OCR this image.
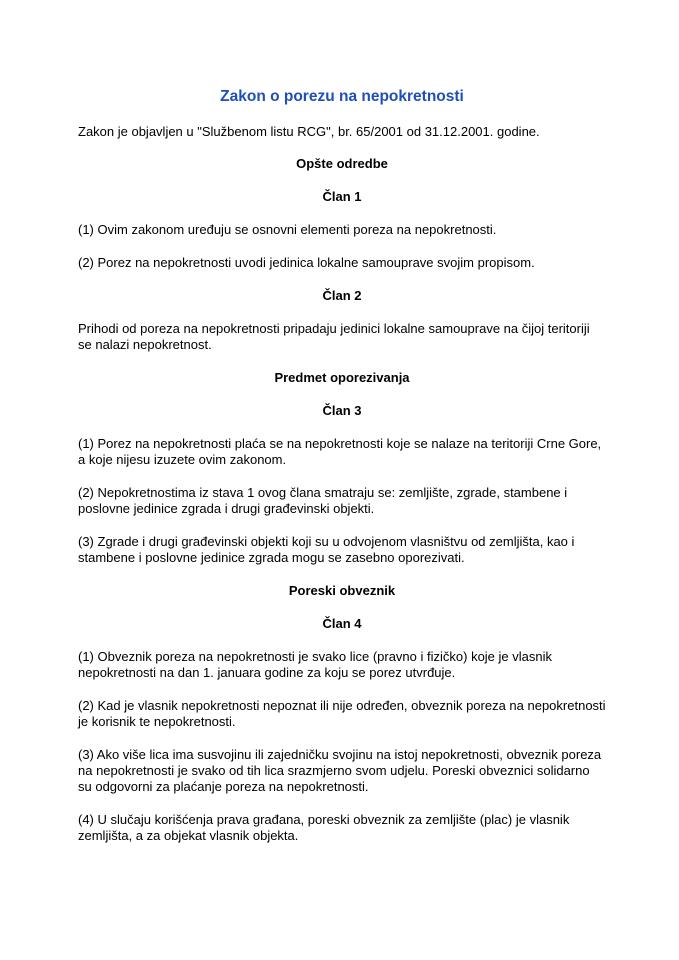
Zakon o porezu na nepokretnosti

Zakon je objavljen u "Službenom listu RCG", br. 65/2001 od 31.12.2001. godine.

Opšte odredbe
Član 1

(1) Ovim zakonom uređuju se osnovni elementi poreza na nepokretnosti.

(2) Porez na nepokretnosti uvodi jedinica lokalne samouprave svojim propisom.

Član 2

Prihodi od poreza na nepokretnosti pripadaju jedinici lokalne samouprave na čijoj teritoriji se nalazi nepokretnost.

Predmet oporezivanja
Član 3

(1) Porez na nepokretnosti plaća se na nepokretnosti koje se nalaze na teritoriji Crne Gore, a koje nijesu izuzete ovim zakonom.

(2) Nepokretnostima iz stava 1 ovog člana smatraju se: zemljište, zgrade, stambene i poslovne jedinice zgrada i drugi građevinski objekti.

(3) Zgrade i drugi građevinski objekti koji su u odvojenom vlasništvu od zemljišta, kao i stambene i poslovne jedinice zgrada mogu se zasebno oporezivati.

Poreski obveznik
Član 4

(1) Obveznik poreza na nepokretnosti je svako lice (pravno i fizičko) koje je vlasnik nepokretnosti na dan 1. januara godine za koju se porez utvrđuje.

(2) Kad je vlasnik nepokretnosti nepoznat ili nije određen, obveznik poreza na nepokretnosti je korisnik te nepokretnosti.

(3) Ako više lica ima susvojinu ili zajedničku svojinu na istoj nepokretnosti, obveznik poreza na nepokretnosti je svako od tih lica srazmjerno svom udjelu. Poreski obveznici solidarno su odgovorni za plaćanje poreza na nepokretnosti.

(4) U slučaju korišćenja prava građana, poreski obveznik za zemljište (plac) je vlasnik zemljišta, a za objekat vlasnik objekta.
